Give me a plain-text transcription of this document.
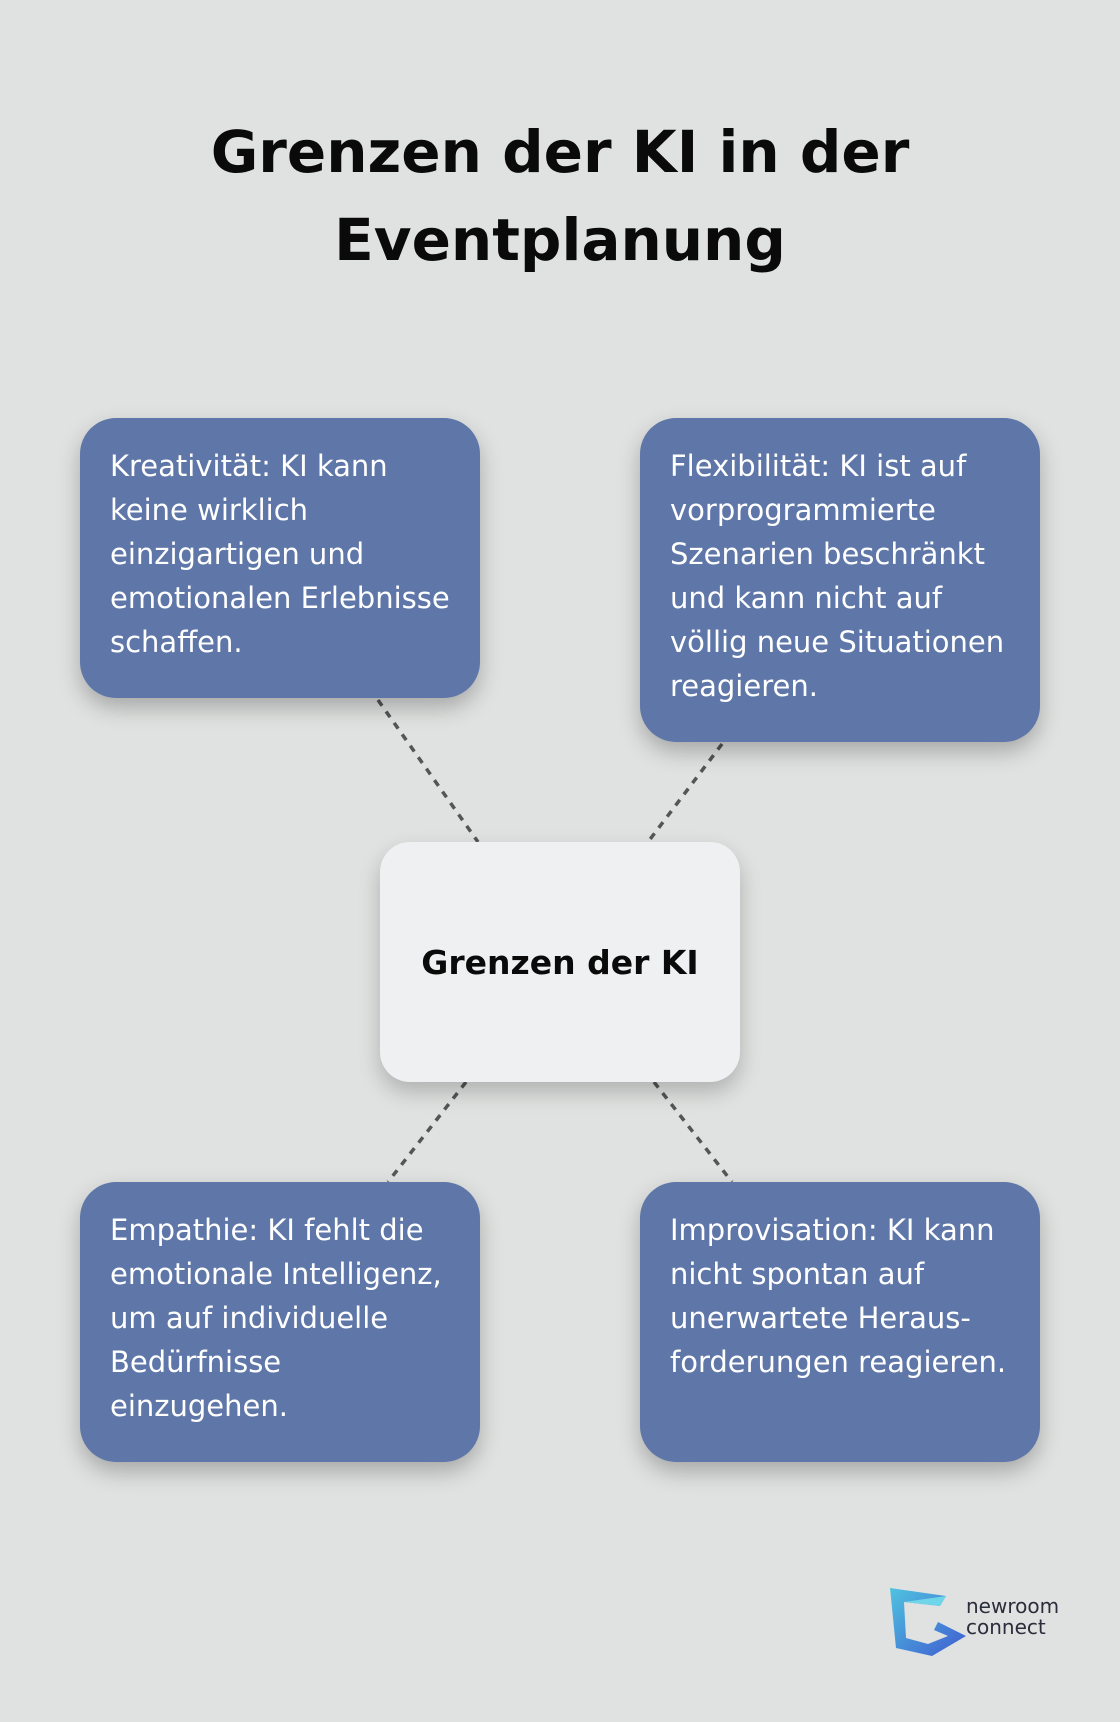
Grenzen der KI in der
Eventplanung
Kreativität: KI kann keine wirklich einzigartigen und emotionalen Erlebnisse schaffen.
Flexibilität: KI ist auf vorprogrammierte Szenarien beschränkt und kann nicht auf völlig neue Situationen reagieren.
Grenzen der KI
Empathie: KI fehlt die emotionale Intelligenz, um auf individuelle Bedürfnisse einzugehen.
Improvisation: KI kann nicht spontan auf unerwartete Heraus-forderungen reagieren.
newroom
connect
